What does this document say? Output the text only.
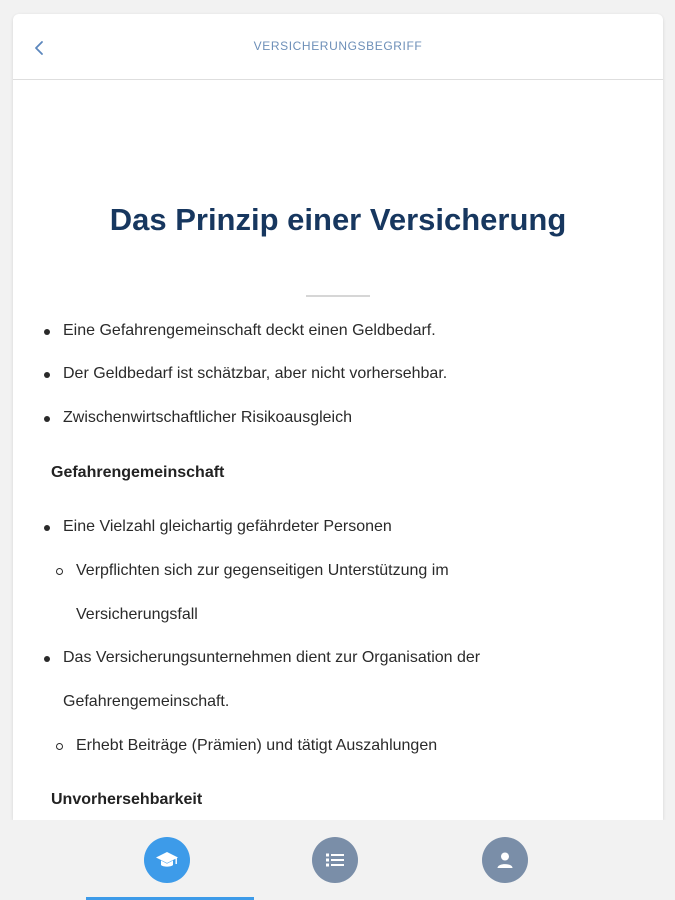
VERSICHERUNGSBEGRIFF
Das Prinzip einer Versicherung
Eine Gefahrengemeinschaft deckt einen Geldbedarf.
Der Geldbedarf ist schätzbar, aber nicht vorhersehbar.
Zwischenwirtschaftlicher Risikoausgleich
Gefahrengemeinschaft
Eine Vielzahl gleichartig gefährdeter Personen
Verpflichten sich zur gegenseitigen Unterstützung im
Versicherungsfall
Das Versicherungsunternehmen dient zur Organisation der
Gefahrengemeinschaft.
Erhebt Beiträge (Prämien) und tätigt Auszahlungen
Unvorhersehbarkeit
